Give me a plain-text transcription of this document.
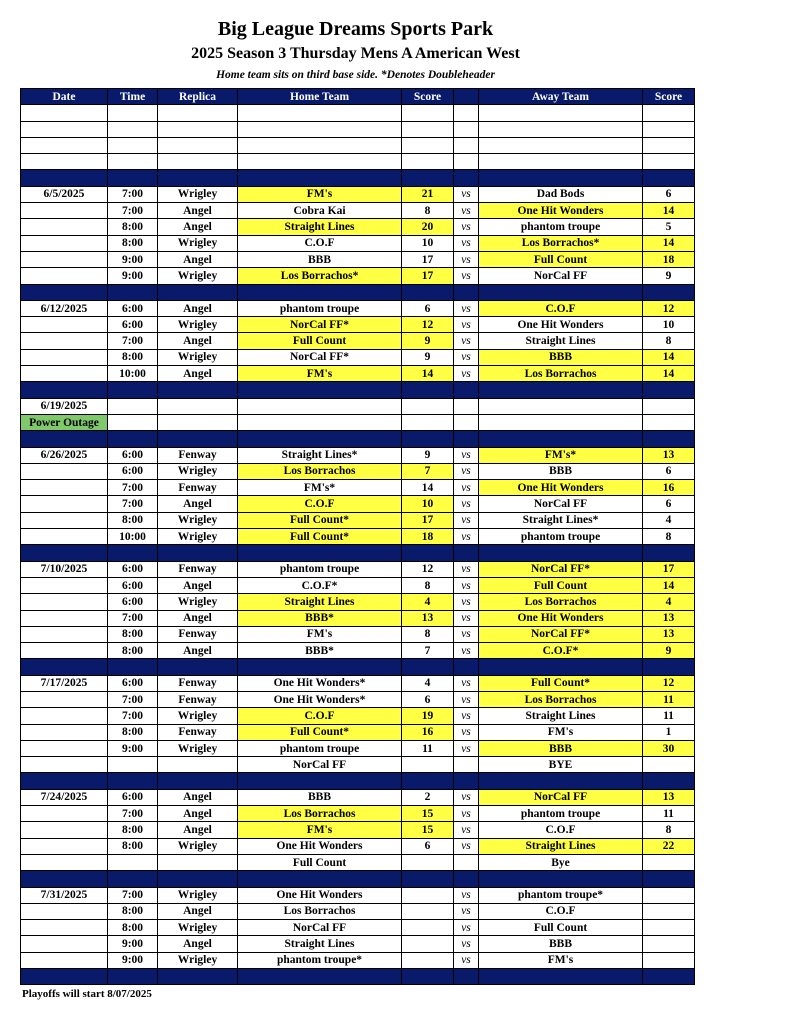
Big League Dreams Sports Park
2025 Season 3 Thursday Mens A American West
Home team sits on third base side. *Denotes Doubleheader
Date	Time	Replica	Home Team	Score		Away Team	Score

6/5/2025	7:00	Wrigley	FM's	21	vs	Dad Bods	6
	7:00	Angel	Cobra Kai	8	vs	One Hit Wonders	14
	8:00	Angel	Straight Lines	20	vs	phantom troupe	5
	8:00	Wrigley	C.O.F	10	vs	Los Borrachos*	14
	9:00	Angel	BBB	17	vs	Full Count	18
	9:00	Wrigley	Los Borrachos*	17	vs	NorCal FF	9

6/12/2025	6:00	Angel	phantom troupe	6	vs	C.O.F	12
	6:00	Wrigley	NorCal FF*	12	vs	One Hit Wonders	10
	7:00	Angel	Full Count	9	vs	Straight Lines	8
	8:00	Wrigley	NorCal FF*	9	vs	BBB	14
	10:00	Angel	FM's	14	vs	Los Borrachos	14

6/19/2025							
Power Outage							

6/26/2025	6:00	Fenway	Straight Lines*	9	vs	FM's*	13
	6:00	Wrigley	Los Borrachos	7	vs	BBB	6
	7:00	Fenway	FM's*	14	vs	One Hit Wonders	16
	7:00	Angel	C.O.F	10	vs	NorCal FF	6
	8:00	Wrigley	Full Count*	17	vs	Straight Lines*	4
	10:00	Wrigley	Full Count*	18	vs	phantom troupe	8

7/10/2025	6:00	Fenway	phantom troupe	12	vs	NorCal FF*	17
	6:00	Angel	C.O.F*	8	vs	Full Count	14
	6:00	Wrigley	Straight Lines	4	vs	Los Borrachos	4
	7:00	Angel	BBB*	13	vs	One Hit Wonders	13
	8:00	Fenway	FM's	8	vs	NorCal FF*	13
	8:00	Angel	BBB*	7	vs	C.O.F*	9

7/17/2025	6:00	Fenway	One Hit Wonders*	4	vs	Full Count*	12
	7:00	Fenway	One Hit Wonders*	6	vs	Los Borrachos	11
	7:00	Wrigley	C.O.F	19	vs	Straight Lines	11
	8:00	Fenway	Full Count*	16	vs	FM's	1
	9:00	Wrigley	phantom troupe	11	vs	BBB	30
			NorCal FF			BYE	

7/24/2025	6:00	Angel	BBB	2	vs	NorCal FF	13
	7:00	Angel	Los Borrachos	15	vs	phantom troupe	11
	8:00	Angel	FM's	15	vs	C.O.F	8
	8:00	Wrigley	One Hit Wonders	6	vs	Straight Lines	22
			Full Count			Bye	

7/31/2025	7:00	Wrigley	One Hit Wonders		vs	phantom troupe*	
	8:00	Angel	Los Borrachos		vs	C.O.F	
	8:00	Wrigley	NorCal FF		vs	Full Count	
	9:00	Angel	Straight Lines		vs	BBB	
	9:00	Wrigley	phantom troupe*		vs	FM's	

Playoffs will start 8/07/2025
